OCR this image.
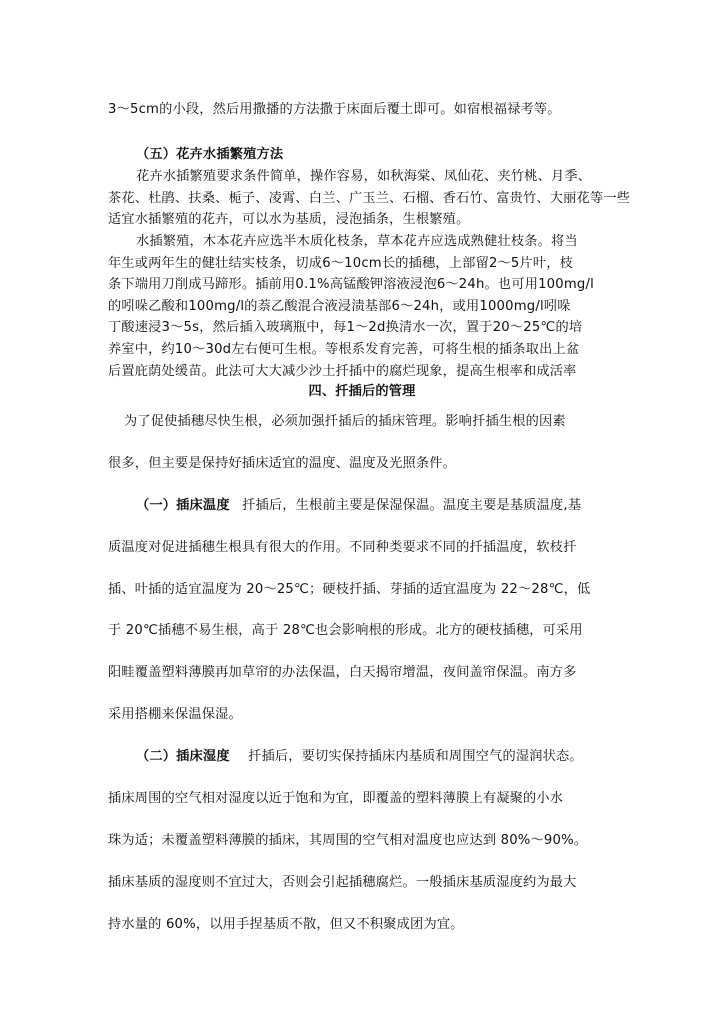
3～5cm的小段，然后用撒播的方法撒于床面后覆土即可。如宿根福禄考等。
（五）花卉水插繁殖方法
花卉水插繁殖要求条件简单，操作容易，如秋海棠、凤仙花、夹竹桃、月季、
茶花、杜鹃、扶桑、栀子、凌霄、白兰、广玉兰、石榴、香石竹、富贵竹、大丽花等一些
适宜水插繁殖的花卉，可以水为基质，浸泡插条，生根繁殖。
水插繁殖，木本花卉应选半木质化枝条，草本花卉应选成熟健壮枝条。将当
年生或两年生的健壮结实枝条，切成6～10cm长的插穗，上部留2～5片叶，枝
条下端用刀削成马蹄形。插前用0.1%高锰酸钾溶液浸泡6～24h。也可用100mg/l
的吲哚乙酸和100mg/l的萘乙酸混合液浸渍基部6～24h，或用1000mg/l吲哚
丁酸速浸3～5s，然后插入玻璃瓶中，每1～2d换清水一次，置于20～25℃的培
养室中，约10～30d左右便可生根。等根系发育完善，可将生根的插条取出上盆
后置庇荫处缓苗。此法可大大减少沙土扦插中的腐烂现象，提高生根率和成活率
四、扦插后的管理
为了促使插穗尽快生根，必须加强扦插后的插床管理。影响扦插生根的因素
很多，但主要是保持好插床适宜的温度、温度及光照条件。
（一）插床温度 扦插后，生根前主要是保湿保温。温度主要是基质温度,基
质温度对促进插穗生根具有很大的作用。不同种类要求不同的扦插温度，软枝扦
插、叶插的适宜温度为 20～25℃；硬枝扦插、芽插的适宜温度为 22～28℃，低
于 20℃插穗不易生根，高于 28℃也会影响根的形成。北方的硬枝插穗，可采用
阳畦覆盖塑料薄膜再加草帘的办法保温，白天揭帘增温，夜间盖帘保温。南方多
采用搭棚来保温保湿。
（二）插床湿度 扦插后，要切实保持插床内基质和周围空气的湿润状态。
插床周围的空气相对湿度以近于饱和为宜，即覆盖的塑料薄膜上有凝聚的小水
珠为适；未覆盖塑料薄膜的插床，其周围的空气相对温度也应达到 80%～90%。
插床基质的湿度则不宜过大，否则会引起插穗腐烂。一般插床基质湿度约为最大
持水量的 60%，以用手捏基质不散，但又不积聚成团为宜。
